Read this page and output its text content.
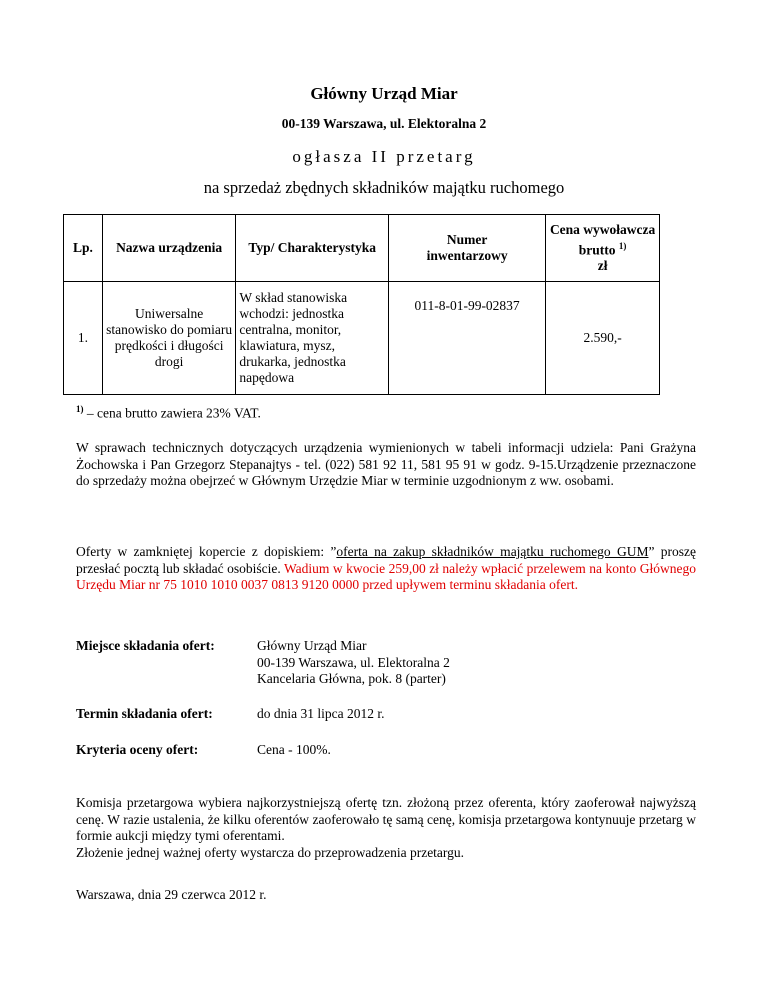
Główny Urząd Miar
00-139 Warszawa, ul. Elektoralna 2
ogłasza II przetarg
na sprzedaż zbędnych składników majątku ruchomego
Lp.	Nazwa urządzenia	Typ/ Charakterystyka	Numer inwentarzowy	Cena wywoławcza brutto $^{1)}$
zł
1.	Uniwersalne stanowisko do pomiaru prędkości i długości drogi	W skład stanowiska wchodzi: jednostka centralna, monitor, klawiatura, mysz, drukarka, jednostka napędowa	011-8-01-99-02837	2.590,-
$^{1)}$ – cena brutto zawiera 23% VAT.
W sprawach technicznych dotyczących urządzenia wymienionych w tabeli informacji udziela: Pani Grażyna Żochowska i Pan Grzegorz Stepanajtys - tel. (022) 581 92 11, 581 95 91 w godz. 9-15.Urządzenie przeznaczone do sprzedaży można obejrzeć w Głównym Urzędzie Miar w terminie uzgodnionym z ww. osobami.
Oferty w zamkniętej kopercie z dopiskiem: ”oferta na zakup składników majątku ruchomego GUM” proszę przesłać pocztą lub składać osobiście. Wadium w kwocie 259,00 zł należy wpłacić przelewem na konto Głównego Urzędu Miar nr 75 1010 1010 0037 0813 9120 0000 przed upływem terminu składania ofert.
Miejsce składania ofert:	Główny Urząd Miar
00-139 Warszawa, ul. Elektoralna 2
Kancelaria Główna, pok. 8 (parter)
Termin składania ofert:	do dnia 31 lipca 2012 r.
Kryteria oceny ofert:	Cena - 100%.
Komisja przetargowa wybiera najkorzystniejszą ofertę tzn. złożoną przez oferenta, który zaoferował najwyższą cenę. W razie ustalenia, że kilku oferentów zaoferowało tę samą cenę, komisja przetargowa kontynuuje przetarg w formie aukcji między tymi oferentami.
Złożenie jednej ważnej oferty wystarcza do przeprowadzenia przetargu.
Warszawa, dnia 29 czerwca 2012 r.
